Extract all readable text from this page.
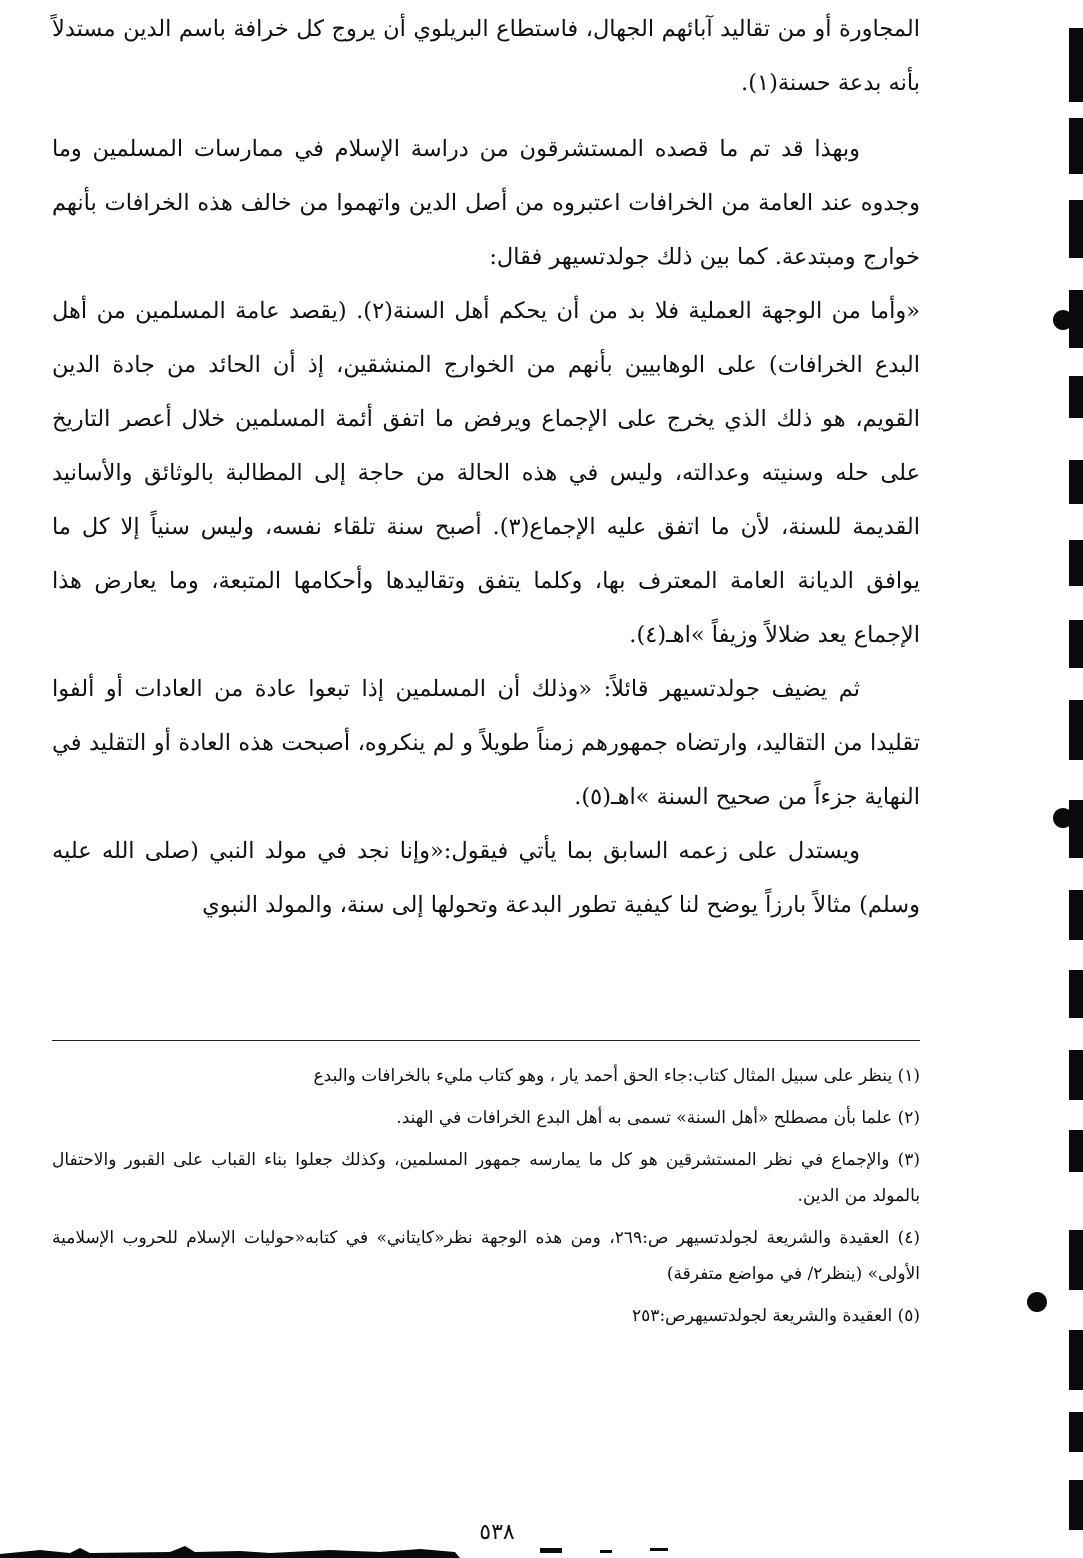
المجاورة أو من تقاليد آبائهم الجهال، فاستطاع البريلوي أن يروج كل خرافة باسم الدين مستدلاً بأنه بدعة حسنة(١).

وبهذا قد تم ما قصده المستشرقون من دراسة الإسلام في ممارسات المسلمين وما وجدوه عند العامة من الخرافات اعتبروه من أصل الدين واتهموا من خالف هذه الخرافات بأنهم خوارج ومبتدعة. كما بين ذلك جولدتسيهر فقال:

«وأما من الوجهة العملية فلا بد من أن يحكم أهل السنة(٢). (يقصد عامة المسلمين من أهل البدع الخرافات) على الوهابيين بأنهم من الخوارج المنشقين، إذ أن الحائد من جادة الدين القويم، هو ذلك الذي يخرج على الإجماع ويرفض ما اتفق أئمة المسلمين خلال أعصر التاريخ على حله وسنيته وعدالته، وليس في هذه الحالة من حاجة إلى المطالبة بالوثائق والأسانيد القديمة للسنة، لأن ما اتفق عليه الإجماع(٣). أصبح سنة تلقاء نفسه، وليس سنياً إلا كل ما يوافق الديانة العامة المعترف بها، وكلما يتفق وتقاليدها وأحكامها المتبعة، وما يعارض هذا الإجماع يعد ضلالاً وزيفاً »اهـ(٤).

ثم يضيف جولدتسيهر قائلاً: «وذلك أن المسلمين إذا تبعوا عادة من العادات أو ألفوا تقليدا من التقاليد، وارتضاه جمهورهم زمناً طويلاً و لم ينكروه، أصبحت هذه العادة أو التقليد في النهاية جزءاً من صحيح السنة »اهـ(٥).

ويستدل على زعمه السابق بما يأتي فيقول:«وإنا نجد في مولد النبي (صلى الله عليه وسلم) مثالاً بارزاً يوضح لنا كيفية تطور البدعة وتحولها إلى سنة، والمولد النبوي

(١) ينظر على سبيل المثال كتاب:جاء الحق أحمد يار ، وهو كتاب مليء بالخرافات والبدع

(٢) علما بأن مصطلح «أهل السنة» تسمى به أهل البدع الخرافات في الهند.

(٣) والإجماع في نظر المستشرقين هو كل ما يمارسه جمهور المسلمين، وكذلك جعلوا بناء القباب على القبور والاحتفال بالمولد من الدين.

(٤) العقيدة والشريعة لجولدتسيهر ص:٢٦٩، ومن هذه الوجهة نظر«كايتاني» في كتابه«حوليات الإسلام للحروب الإسلامية الأولى» (ينظر٢/ في مواضع متفرقة)

(٥) العقيدة والشريعة لجولدتسيهرص:٢٥٣

٥٣٨
